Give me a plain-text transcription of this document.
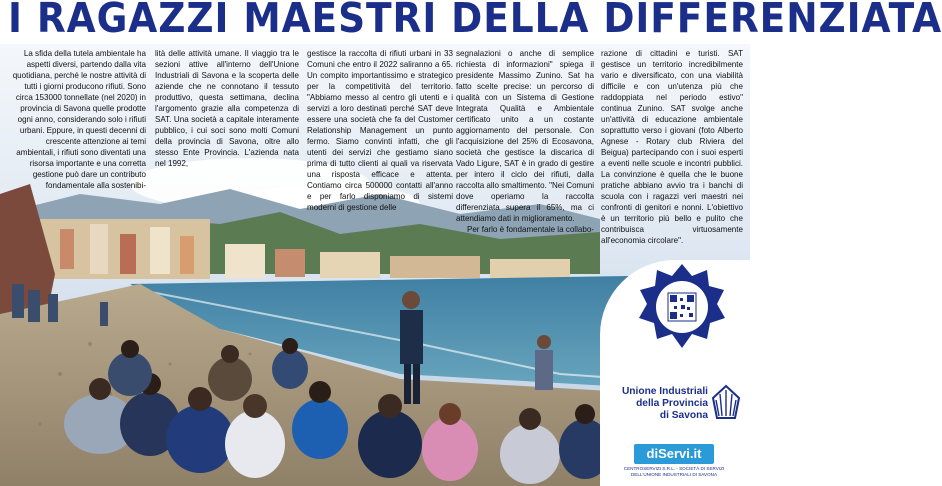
I RAGAZZI MAESTRI DELLA DIFFERENZIATA

La sfida della tutela ambientale ha aspetti diversi, partendo dalla vita quotidiana, perché le nostre attività di tutti i giorni producono rifiuti. Sono circa 153000 tonnellate (nel 2020) in provincia di Savona quelle prodotte ogni anno, considerando solo i rifiuti urbani. Eppure, in questi decenni di crescente attenzione ai temi ambientali, i rifiuti sono diventati una risorsa importante e una corretta gestione può dare un contributo fondamentale alla sostenibi-

lità delle attività umane. Il viaggio tra le sezioni attive all'interno dell'Unione Industriali di Savona e la scoperta delle aziende che ne connotano il tessuto produttivo, questa settimana, declina l'argomento grazie alla competenza di SAT. Una società a capitale interamente pubblico, i cui soci sono molti Comuni della provincia di Savona, oltre allo stesso Ente Provincia. L'azienda nata nel 1992,

gestisce la raccolta di rifiuti urbani in 33 Comuni che entro il 2022 saliranno a 65. Un compito importantissimo e strategico per la competitività del territorio. "Abbiamo messo al centro gli utenti e i servizi a loro destinati perché SAT deve essere una società che fa del Customer Relationship Management un punto fermo. Siamo convinti infatti, che gli utenti dei servizi che gestiamo siano prima di tutto clienti ai quali va riservata una risposta efficace e attenta. Contiamo circa 500000 contatti all'anno e per farlo disponiamo di sistemi moderni di gestione delle

segnalazioni o anche di semplice richiesta di informazioni" spiega il presidente Massimo Zunino. Sat ha fatto scelte precise: un percorso di qualità con un Sistema di Gestione Integrata Qualità e Ambientale certificato unito a un costante aggiornamento del personale. Con l'acquisizione del 25% di Ecosavona, società che gestisce la discarica di Vado Ligure, SAT è in grado di gestire per intero il ciclo dei rifiuti, dalla raccolta allo smaltimento. "Nei Comuni dove operiamo la raccolta differenziata supera il 65%, ma ci attendiamo dati in miglioramento.

Per farlo è fondamentale la collabo-

razione di cittadini e turisti. SAT gestisce un territorio incredibilmente vario e diversificato, con una viabilità difficile e con un'utenza più che raddoppiata nel periodo estivo" continua Zunino. SAT svolge anche un'attività di educazione ambientale soprattutto verso i giovani (foto Alberto Agnese - Rotary club Riviera del Beigua) partecipando con i suoi esperti a eventi nelle scuole e incontri pubblici. La convinzione è quella che le buone pratiche abbiano avvio tra i banchi di scuola con i ragazzi veri maestri nei confronti di genitori e nonni. L'obiettivo è un territorio più bello e pulito che contribuisca virtuosamente all'economia circolare".

Unione Industriali
della Provincia
di Savona
diServi.it
CENTROSERVIZI S.R.L. - SOCIETÀ DI SERVIZI
DELL'UNIONE INDUSTRIALI DI SAVONA
